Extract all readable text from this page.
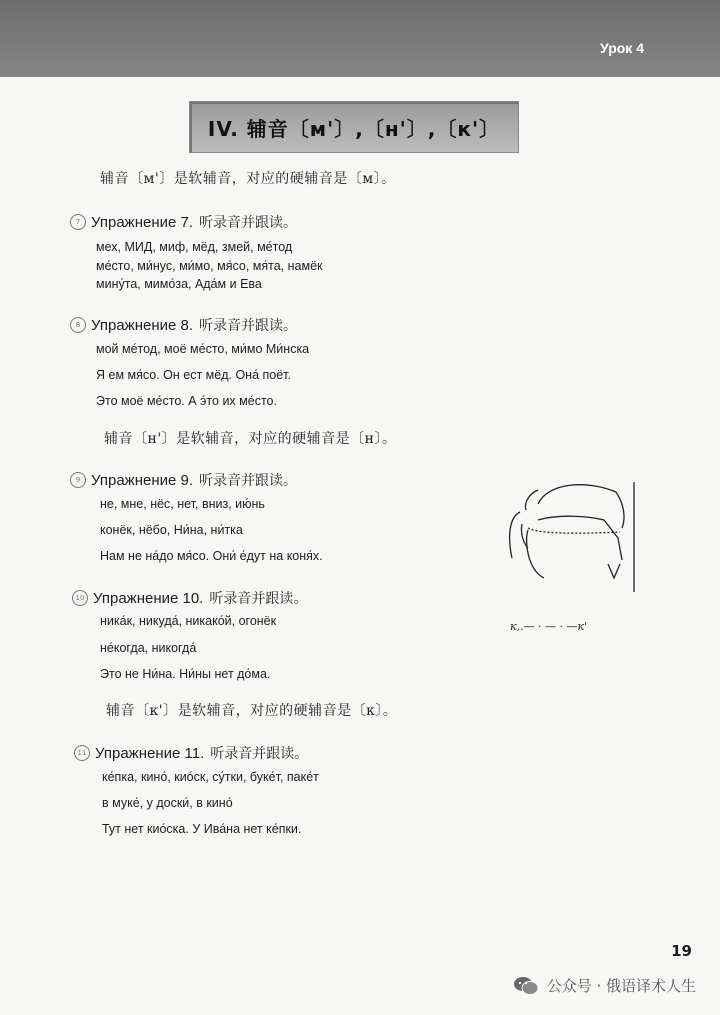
Урок 4
IV. 辅音〔м'〕,〔н'〕,〔к'〕
辅音〔м'〕是软辅音，对应的硬辅音是〔м〕。
7 Упражнение 7. 听录音并跟读。
мех, МИД, миф, мёд, змей, ме́тод
ме́сто, ми́нус, ми́мо, мя́со, мя́та, намёк
мину́та, мимо́за, Ада́м и Ева
8 Упражнение 8. 听录音并跟读。
мой ме́тод, моё ме́сто, ми́мо Ми́нска
Я ем мя́со. Он ест мёд. Она́ поёт.
Это моё ме́сто. А э́то их ме́сто.
辅音〔н'〕是软辅音，对应的硬辅音是〔н〕。
9 Упражнение 9. 听录音并跟读。
не, мне, нёс, нет, вниз, ию́нь
конёк, нёбо, Ни́на, ни́тка
Нам не на́до мя́со. Они́ е́дут на коня́х.
10 Упражнение 10. 听录音并跟读。
ника́к, никуда́, никако́й, огонёк
не́когда, никогда́
Это не Ни́на. Ни́ны нет до́ма.
辅音〔к'〕是软辅音，对应的硬辅音是〔к〕。
11 Упражнение 11. 听录音并跟读。
ке́пка, кино́, кио́ск, су́тки, буке́т, паке́т
в муке́, у доски́, в кино́
Тут нет кио́ска. У Ива́на нет ке́пки.
к,.— · — · —к'
19
公众号 · 俄语译术人生
